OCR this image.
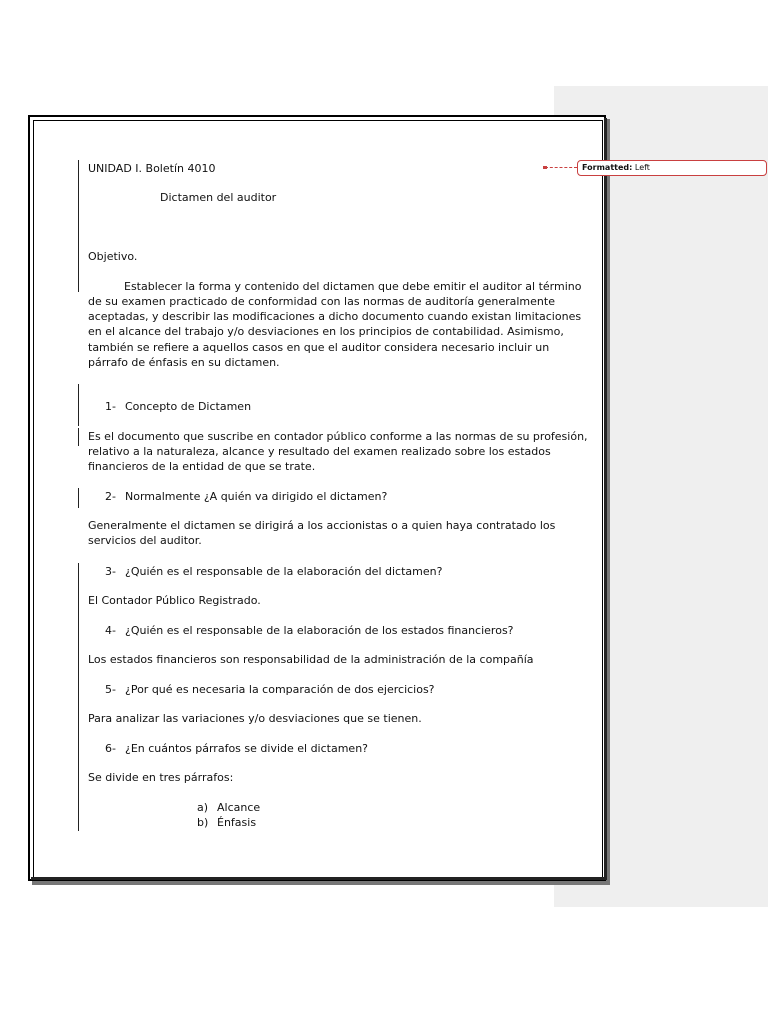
UNIDAD I. Boletín 4010
Dictamen del auditor
Objetivo.
Establecer la forma y contenido del dictamen que debe emitir el auditor al término
de su examen practicado de conformidad con las normas de auditoría generalmente
aceptadas, y describir las modificaciones a dicho documento cuando existan limitaciones
en el alcance del trabajo y/o desviaciones en los principios de contabilidad. Asimismo,
también se refiere a aquellos casos en que el auditor considera necesario incluir un
párrafo de énfasis en su dictamen.
1- Concepto de Dictamen
Es el documento que suscribe en contador público conforme a las normas de su profesión,
relativo a la naturaleza, alcance y resultado del examen realizado sobre los estados
financieros de la entidad de que se trate.
2- Normalmente ¿A quién va dirigido el dictamen?
Generalmente el dictamen se dirigirá a los accionistas o a quien haya contratado los
servicios del auditor.
3- ¿Quién es el responsable de la elaboración del dictamen?
El Contador Público Registrado.
4- ¿Quién es el responsable de la elaboración de los estados financieros?
Los estados financieros son responsabilidad de la administración de la compañía
5- ¿Por qué es necesaria la comparación de dos ejercicios?
Para analizar las variaciones y/o desviaciones que se tienen.
6- ¿En cuántos párrafos se divide el dictamen?
Se divide en tres párrafos:
a) Alcance
b) Énfasis
Formatted: Left
